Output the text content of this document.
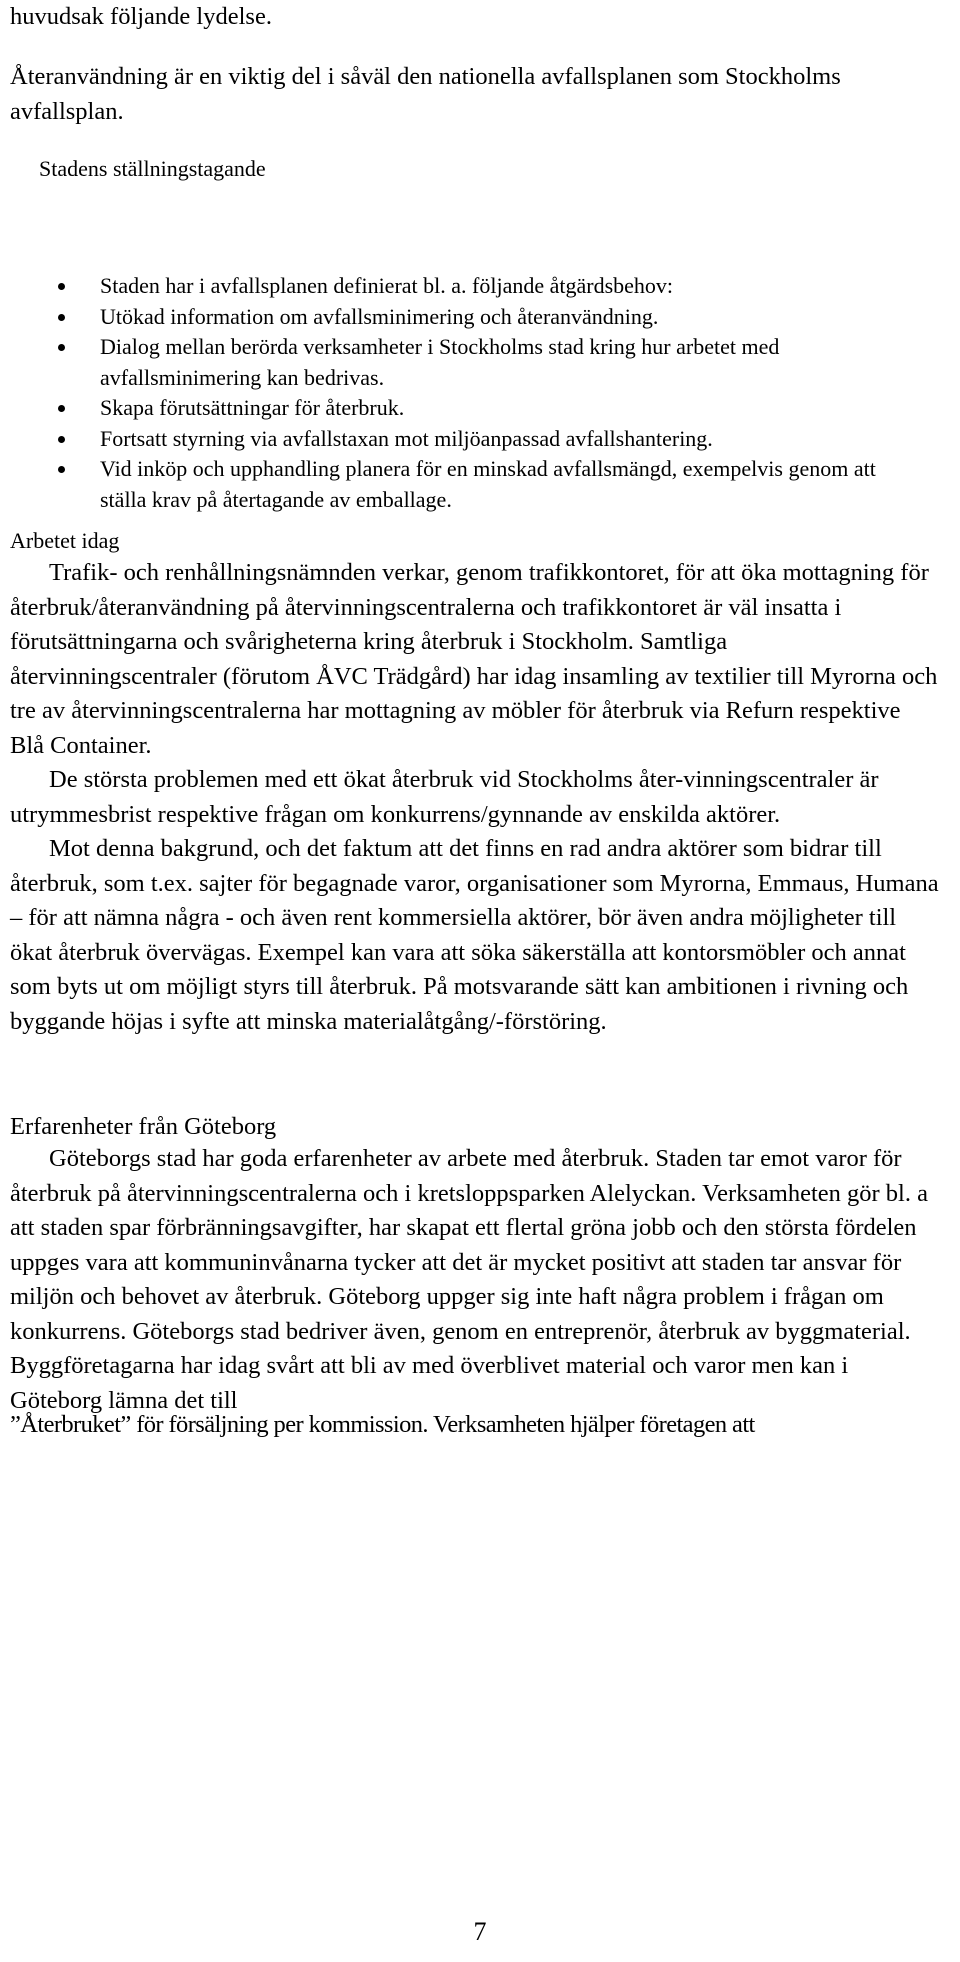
huvudsak följande lydelse.

Återanvändning är en viktig del i såväl den nationella avfallsplanen som Stockholms avfallsplan.

Stadens ställningstagande

Staden har i avfallsplanen definierat bl. a. följande åtgärdsbehov:
Utökad information om avfallsminimering och återanvändning.
Dialog mellan berörda verksamheter i Stockholms stad kring hur arbetet med avfallsminimering kan bedrivas.
Skapa förutsättningar för återbruk.
Fortsatt styrning via avfallstaxan mot miljöanpassad avfallshantering.
Vid inköp och upphandling planera för en minskad avfallsmängd, exempelvis genom att ställa krav på återtagande av emballage.

Arbetet idag

Trafik- och renhållningsnämnden verkar, genom trafikkontoret, för att öka mottagning för återbruk/återanvändning på återvinningscentralerna och trafikkontoret är väl insatta i förutsättningarna och svårigheterna kring återbruk i Stockholm. Samtliga återvinningscentraler (förutom ÅVC Trädgård) har idag insamling av textilier till Myrorna och tre av återvinningscentralerna har mottagning av möbler för återbruk via Refurn respektive Blå Container.

De största problemen med ett ökat återbruk vid Stockholms åter-vinningscentraler är utrymmesbrist respektive frågan om konkurrens/gynnande av enskilda aktörer.

Mot denna bakgrund, och det faktum att det finns en rad andra aktörer som bidrar till återbruk, som t.ex. sajter för begagnade varor, organisationer som Myrorna, Emmaus, Humana – för att nämna några - och även rent kommersiella aktörer, bör även andra möjligheter till ökat återbruk övervägas. Exempel kan vara att söka säkerställa att kontorsmöbler och annat som byts ut om möjligt styrs till återbruk. På motsvarande sätt kan ambitionen i rivning och byggande höjas i syfte att minska materialåtgång/-förstöring.

Erfarenheter från Göteborg

Göteborgs stad har goda erfarenheter av arbete med återbruk. Staden tar emot varor för återbruk på återvinningscentralerna och i kretsloppsparken Alelyckan. Verksamheten gör bl. a att staden spar förbränningsavgifter, har skapat ett flertal gröna jobb och den största fördelen uppges vara att kommuninvånarna tycker att det är mycket positivt att staden tar ansvar för miljön och behovet av återbruk. Göteborg uppger sig inte haft några problem i frågan om konkurrens. Göteborgs stad bedriver även, genom en entreprenör, återbruk av byggmaterial. Byggföretagarna har idag svårt att bli av med överblivet material och varor men kan i Göteborg lämna det till

”Återbruket” för försäljning per kommission. Verksamheten hjälper företagen att

7
